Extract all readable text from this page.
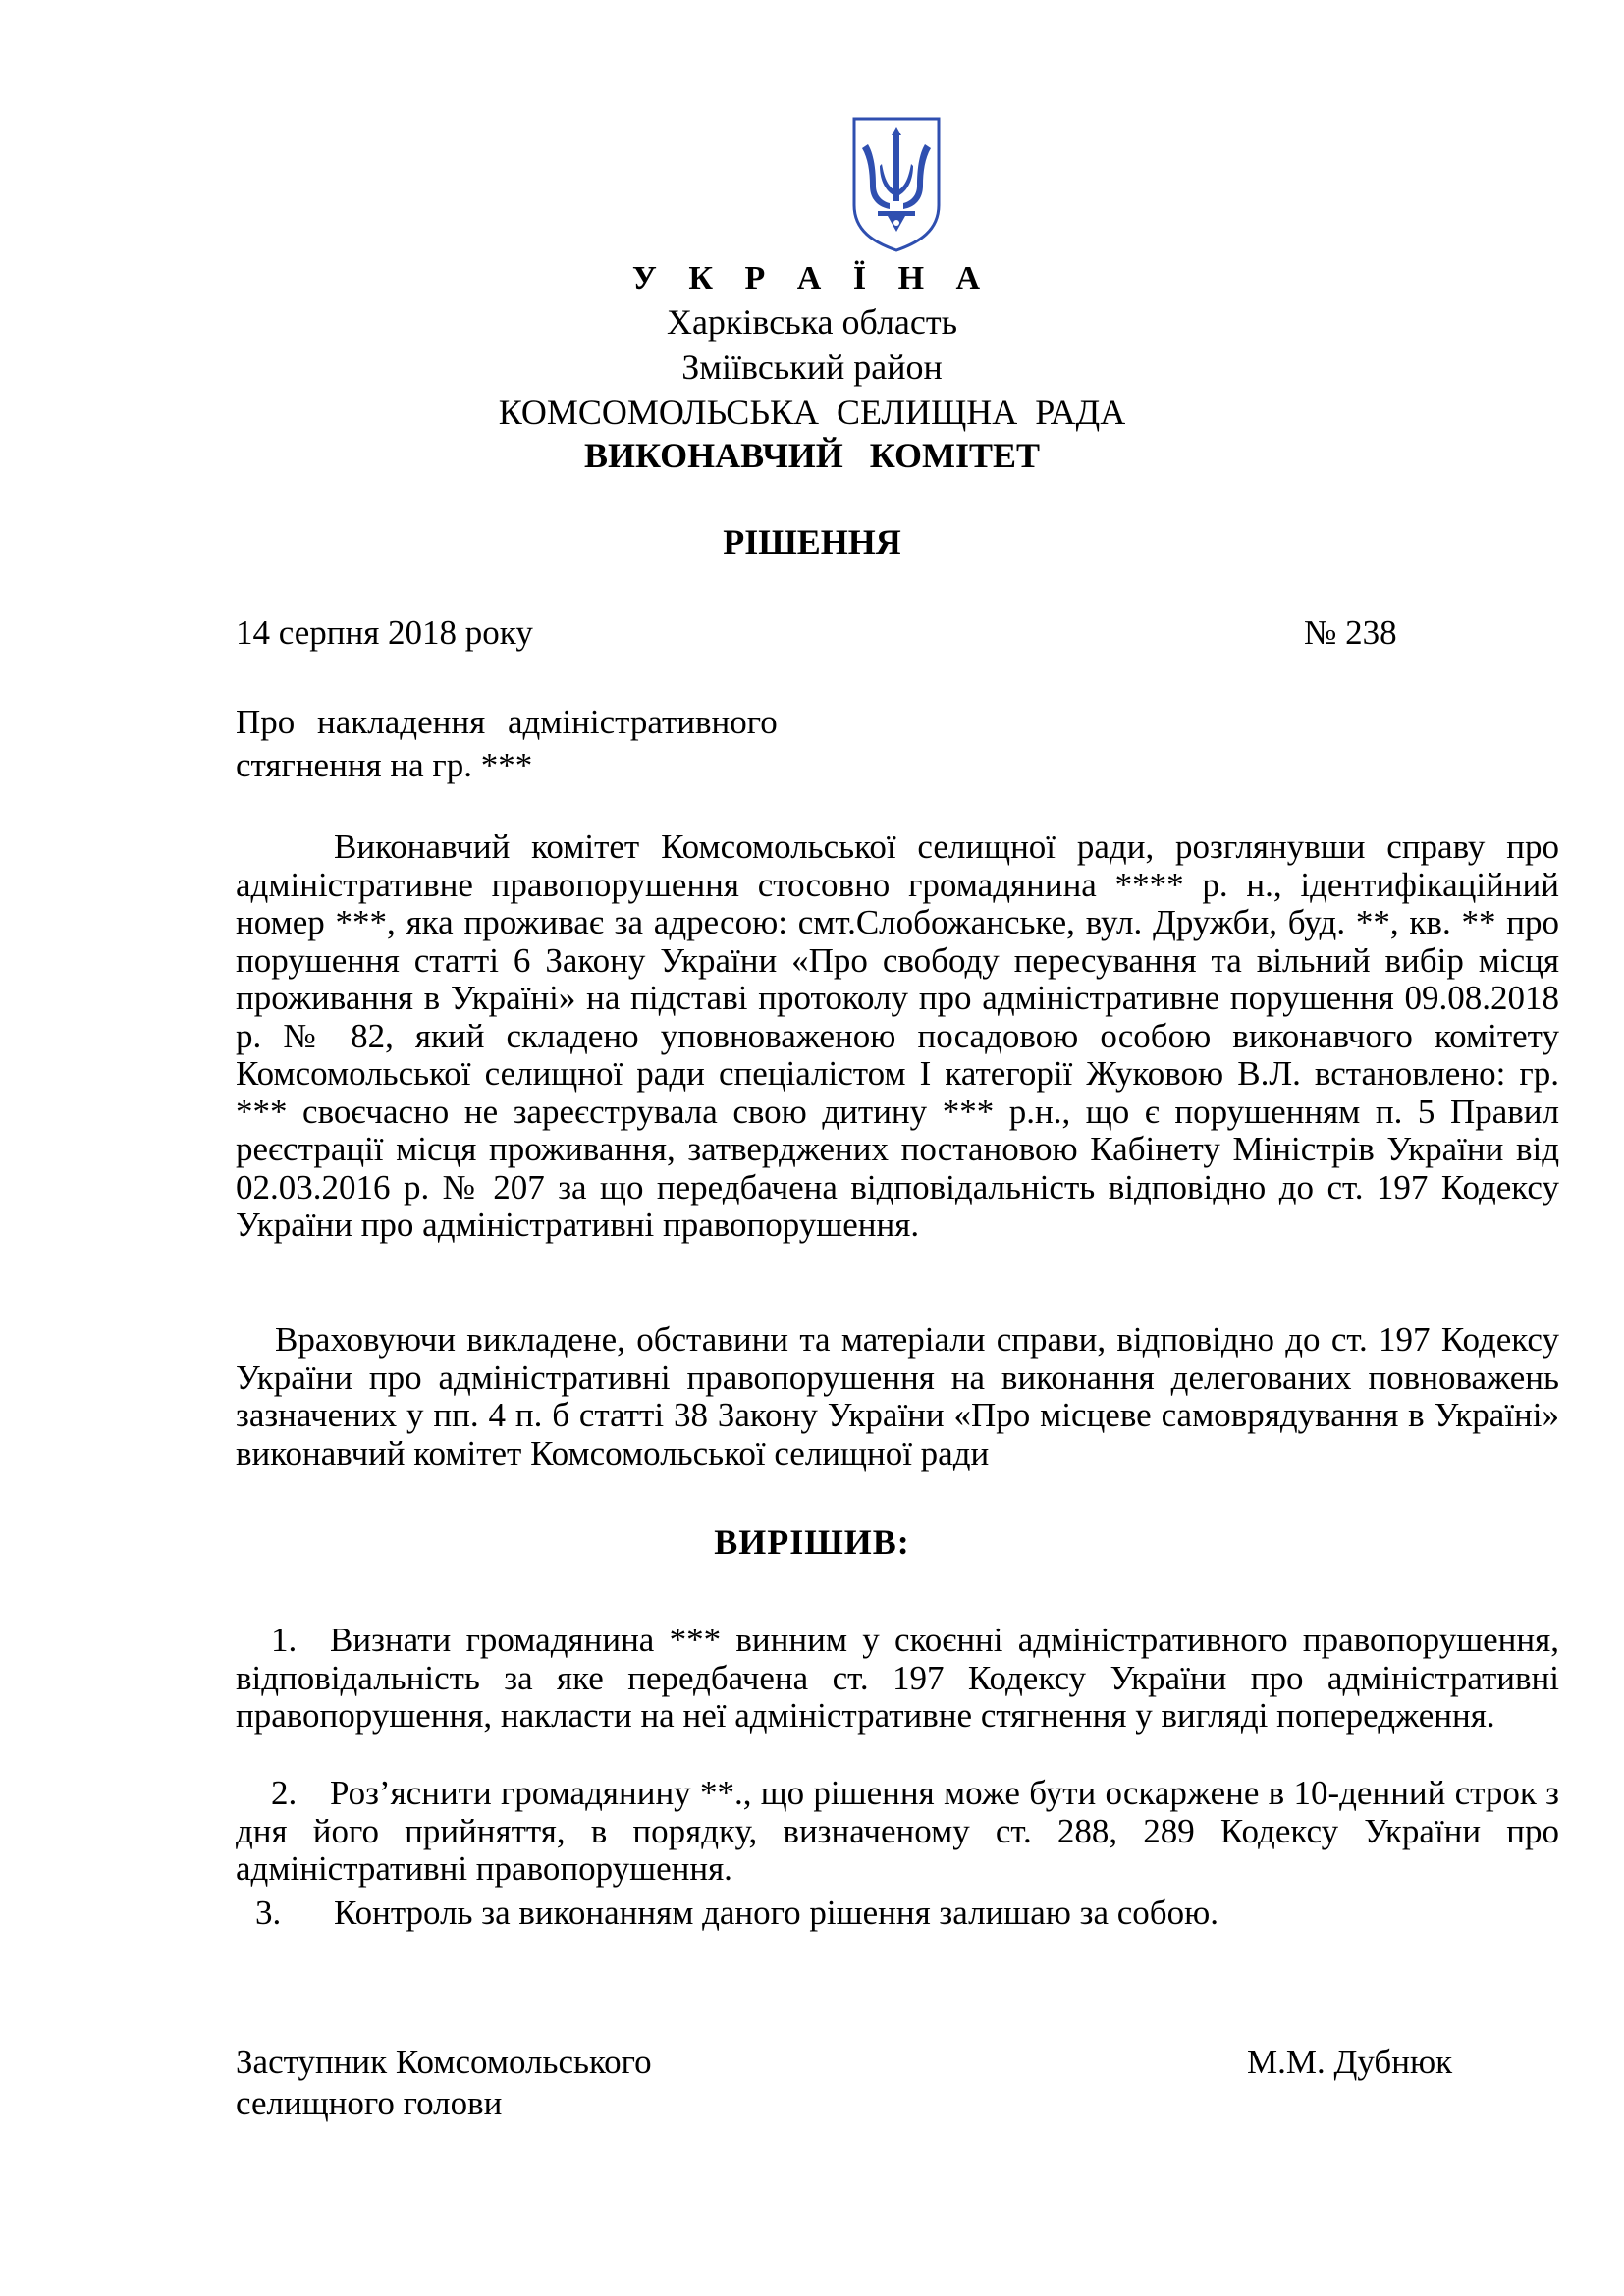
У К Р А Ї Н А
Харківська область
Зміївський район
КОМСОМОЛЬСЬКА  СЕЛИЩНА  РАДА
ВИКОНАВЧИЙ   КОМІТЕТ
РІШЕННЯ
14 серпня 2018 року	№ 238
Про накладення адміністративного
стягнення на гр. ***
Виконавчий комітет Комсомольської селищної ради, розглянувши справу про адміністративне правопорушення стосовно громадянина **** р. н., ідентифікаційний номер ***, яка проживає за адресою: смт.Слобожанське, вул. Дружби, буд. **, кв. ** про порушення статті 6 Закону України «Про свободу пересування та вільний вибір місця проживання в Україні» на підставі протоколу про адміністративне порушення 09.08.2018 р. № 82, який складено уповноваженою посадовою особою виконавчого комітету Комсомольської селищної ради спеціалістом І категорії Жуковою В.Л. встановлено: гр. *** своєчасно не зареєструвала свою дитину *** р.н., що є порушенням п. 5 Правил реєстрації місця проживання, затверджених постановою Кабінету Міністрів України від 02.03.2016 р. № 207 за що передбачена відповідальність відповідно до ст. 197 Кодексу України про адміністративні правопорушення.
Враховуючи викладене, обставини та матеріали справи, відповідно до ст. 197 Кодексу України про адміністративні правопорушення на виконання делегованих повноважень зазначених у пп. 4 п. б статті 38 Закону України «Про місцеве самоврядування в Україні» виконавчий комітет Комсомольської селищної ради
ВИРІШИВ:
1. Визнати громадянина *** винним у скоєнні адміністративного правопорушення, відповідальність за яке передбачена ст. 197 Кодексу України про адміністративні правопорушення, накласти на неї адміністративне стягнення у вигляді попередження.
2. Роз’яснити громадянину **., що рішення може бути оскаржене в 10-денний строк з дня його прийняття, в порядку, визначеному ст. 288, 289 Кодексу України про адміністративні правопорушення.
3. Контроль за виконанням даного рішення залишаю за собою.
Заступник Комсомольського
селищного голови
М.М. Дубнюк
